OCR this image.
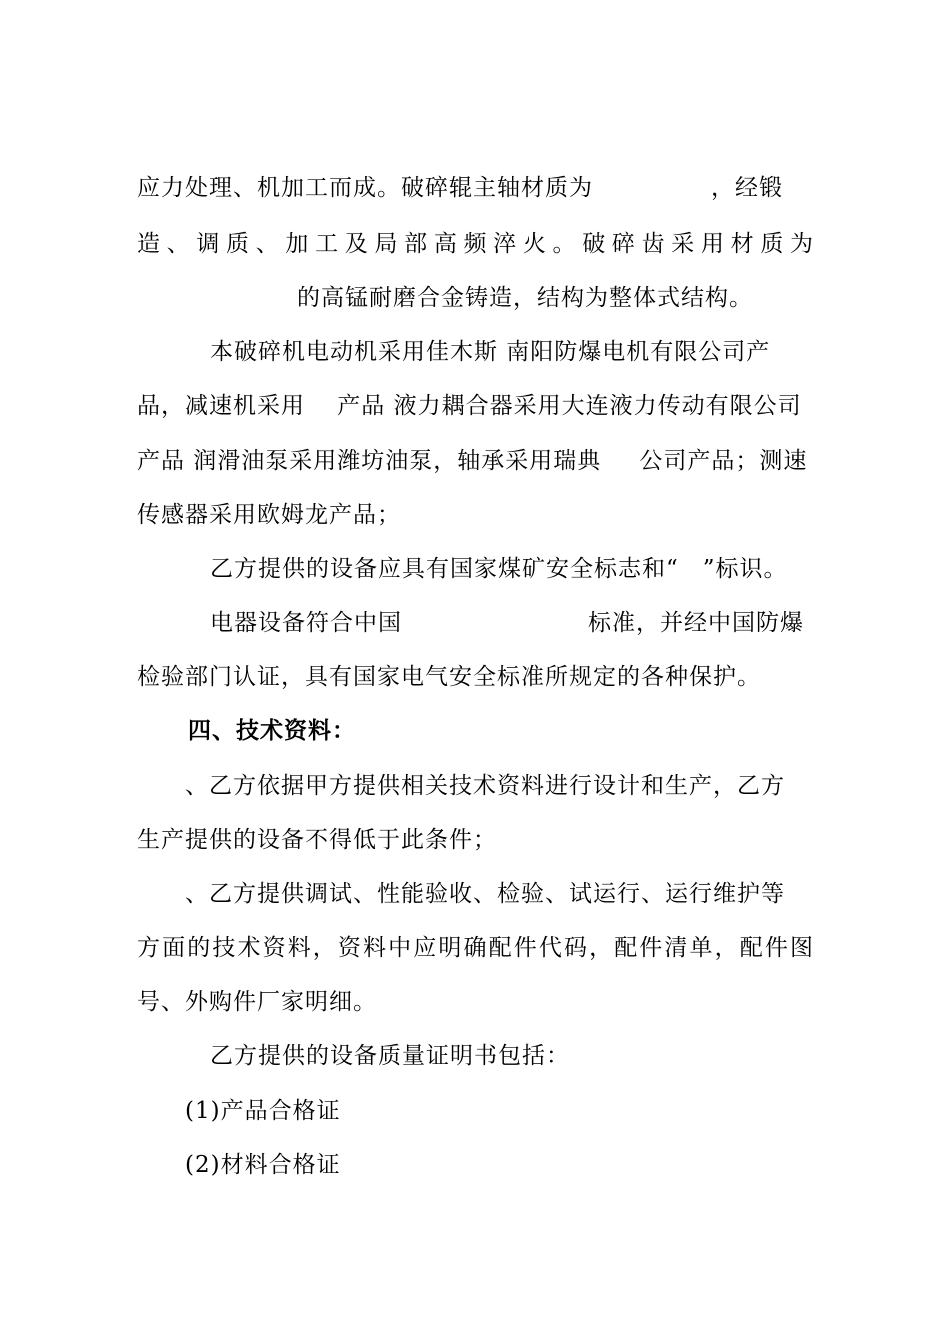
应力处理、机加工而成。破碎辊主轴材质为	，经锻
造、调质、加工及局部高频淬火。破碎齿采用材质为
的高锰耐磨合金铸造，结构为整体式结构。
本破碎机电动机采用佳木斯 南阳防爆电机有限公司产
品，减速机采用　 产品 液力耦合器采用大连液力传动有限公司
产品 润滑油泵采用潍坊油泵，轴承采用瑞典 公司产品；测速
传感器采用欧姆龙产品；
乙方提供的设备应具有国家煤矿安全标志和“　”标识。
电器设备符合中国	标准，并经中国防爆
检验部门认证，具有国家电气安全标准所规定的各种保护。
四、技术资料：
、乙方依据甲方提供相关技术资料进行设计和生产，乙方
生产提供的设备不得低于此条件；
、乙方提供调试、性能验收、检验、试运行、运行维护等
方面的技术资料，资料中应明确配件代码，配件清单，配件图
号、外购件厂家明细。
乙方提供的设备质量证明书包括：
(1)产品合格证
(2)材料合格证
